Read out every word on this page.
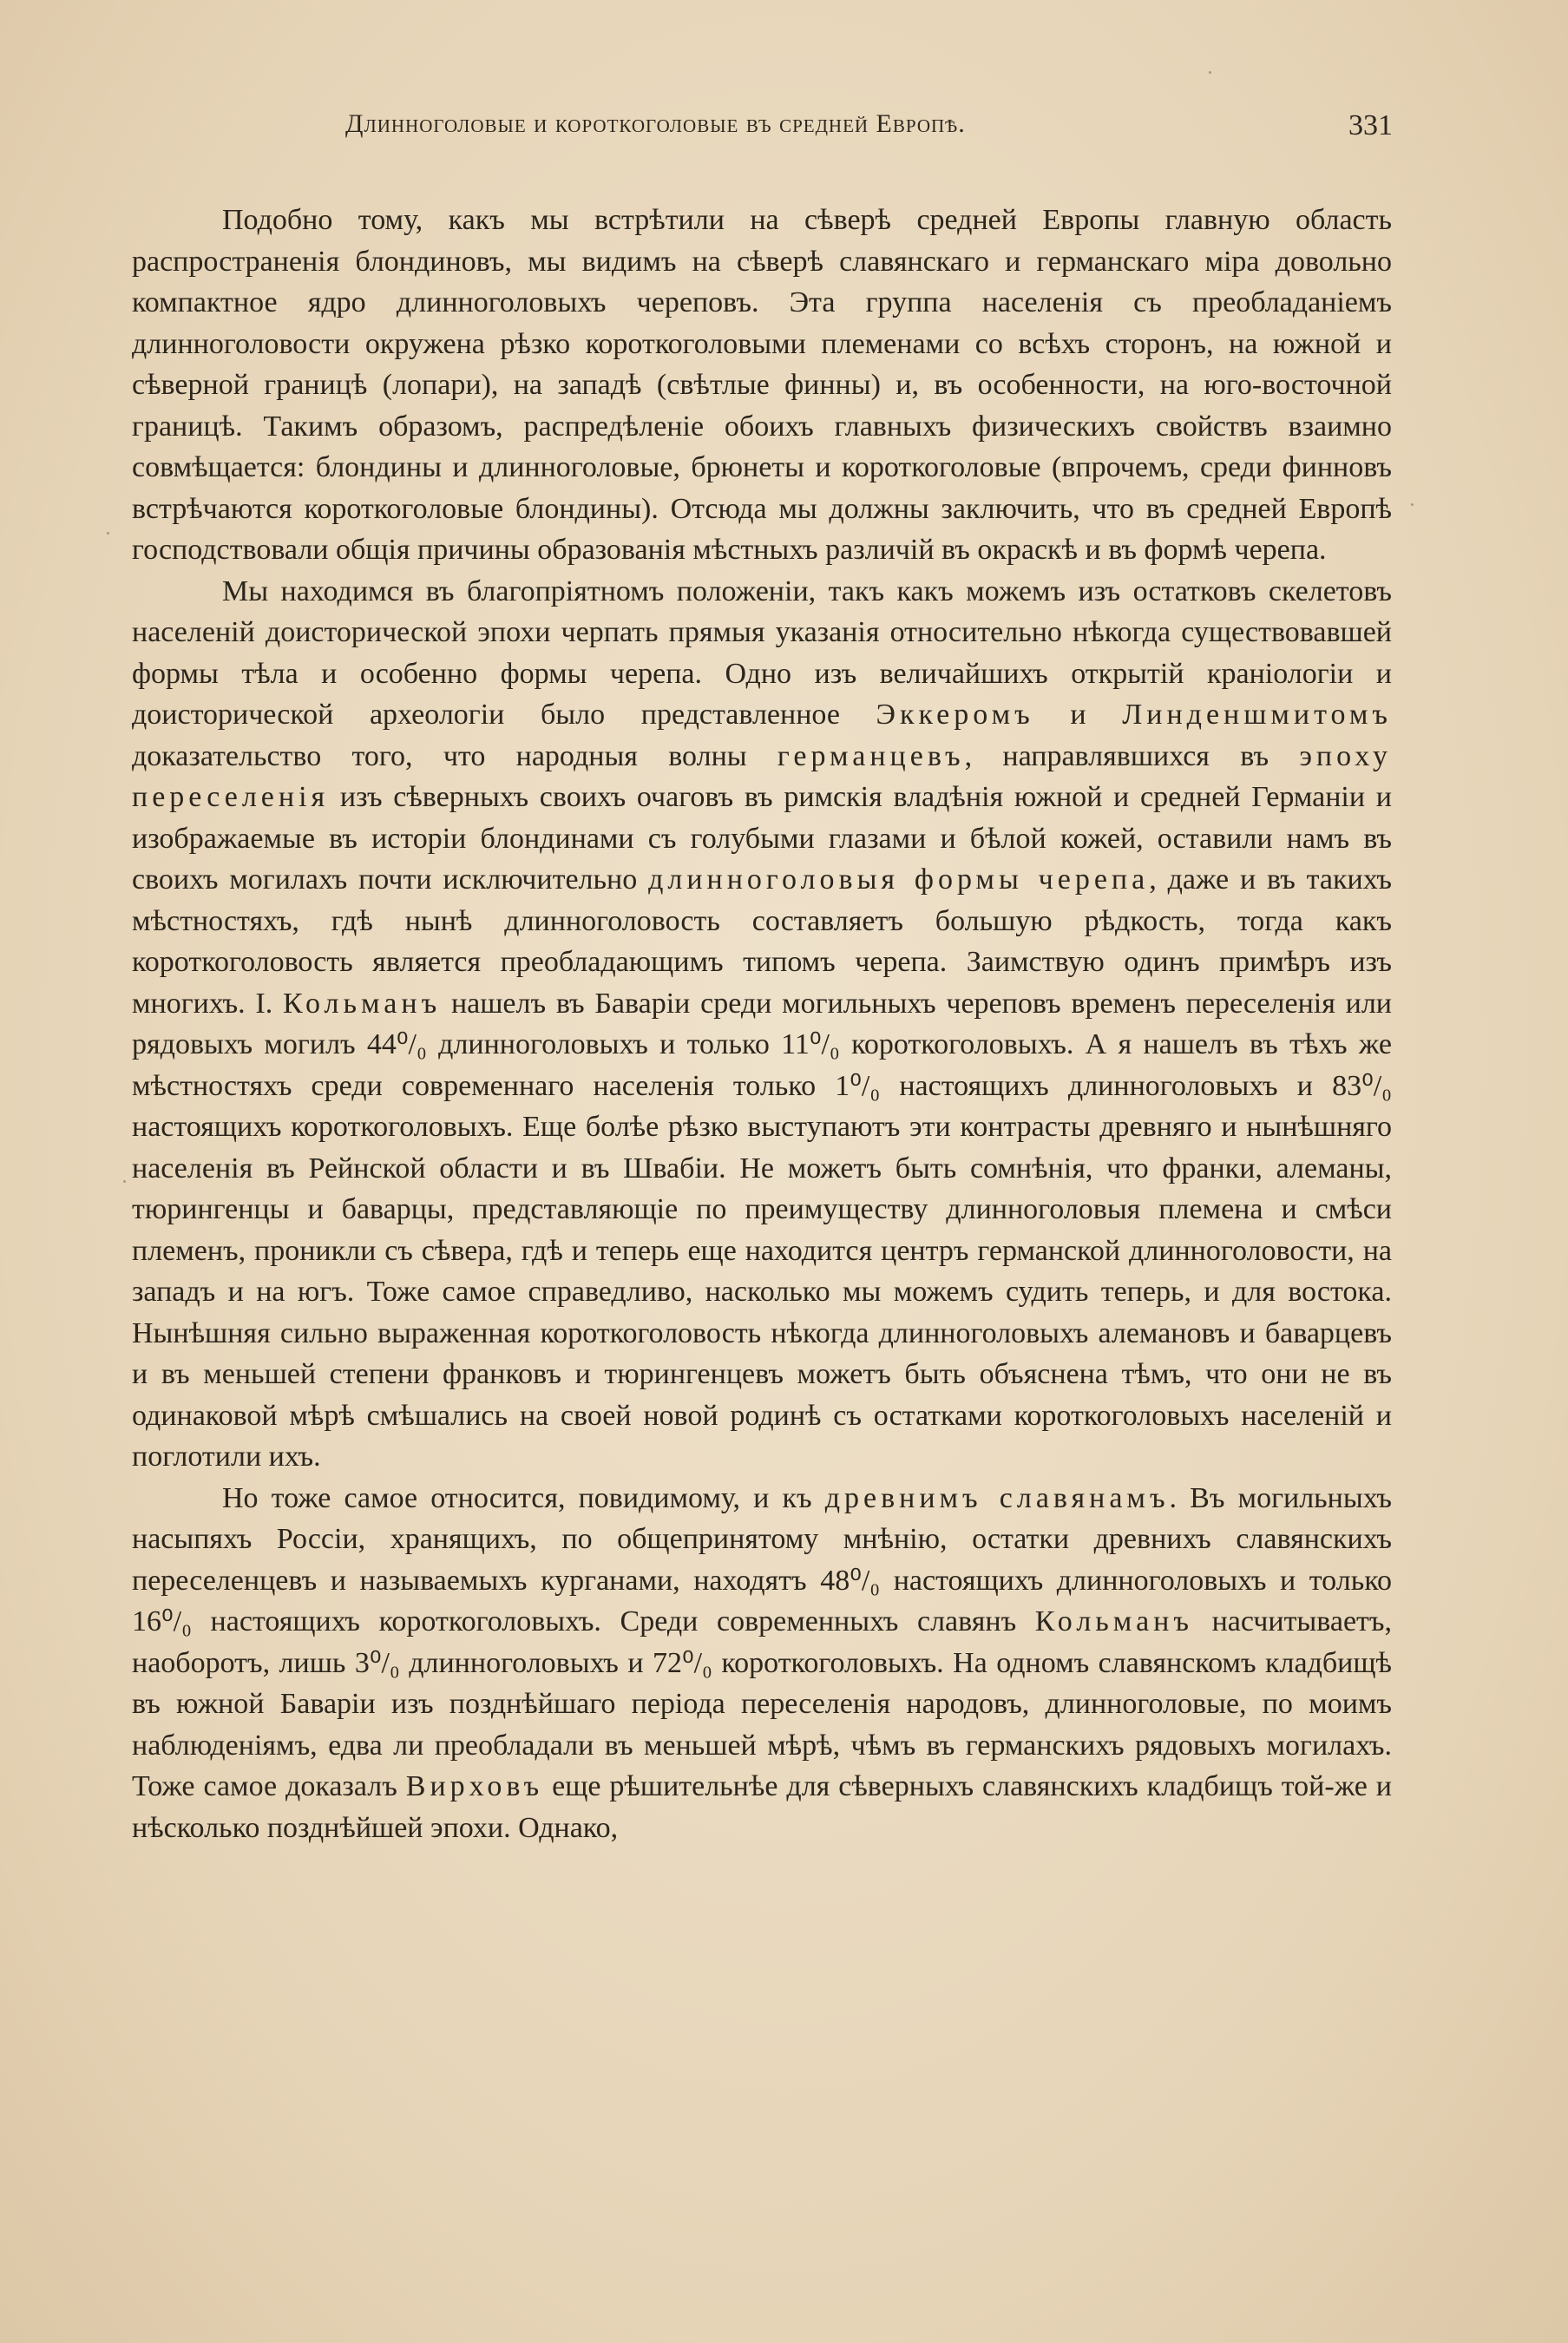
Длинноголовые и короткоголовые въ средней Европѣ.	331

Подобно тому, какъ мы встрѣтили на сѣверѣ средней Европы главную область распространенія блондиновъ, мы видимъ на сѣверѣ славянскаго и германскаго міра довольно компактное ядро длинноголовыхъ череповъ. Эта группа населенія съ преобладаніемъ длинноголовости окружена рѣзко короткоголовыми племенами со всѣхъ сторонъ, на южной и сѣверной границѣ (лопари), на западѣ (свѣтлые финны) и, въ особенности, на юго-восточной границѣ. Такимъ образомъ, распредѣленіе обоихъ главныхъ физическихъ свойствъ взаимно совмѣщается: блондины и длинноголовые, брюнеты и короткоголовые (впрочемъ, среди финновъ встрѣчаются короткоголовые блондины). Отсюда мы должны заключить, что въ средней Европѣ господствовали общія причины образованія мѣстныхъ различій въ окраскѣ и въ формѣ черепа.

Мы находимся въ благопріятномъ положеніи, такъ какъ можемъ изъ остатковъ скелетовъ населеній доисторической эпохи черпать прямыя указанія относительно нѣкогда существовавшей формы тѣла и особенно формы черепа. Одно изъ величайшихъ открытій краніологіи и доисторической археологіи было представленное Эккеромъ и Линденшмитомъ доказательство того, что народныя волны германцевъ, направлявшихся въ эпоху переселенія изъ сѣверныхъ своихъ очаговъ въ римскія владѣнія южной и средней Германіи и изображаемые въ исторіи блондинами съ голубыми глазами и бѣлой кожей, оставили намъ въ своихъ могилахъ почти исключительно длинноголовыя формы черепа, даже и въ такихъ мѣстностяхъ, гдѣ нынѣ длинноголовость составляетъ большую рѣдкость, тогда какъ короткоголовость является преобладающимъ типомъ черепа. Заимствую одинъ примѣръ изъ многихъ. I. Кольманъ нашелъ въ Баваріи среди могильныхъ череповъ временъ переселенія или рядовыхъ могилъ 44⁰/₀ длинноголовыхъ и только 11⁰/₀ короткоголовыхъ. А я нашелъ въ тѣхъ же мѣстностяхъ среди современнаго населенія только 1⁰/₀ настоящихъ длинноголовыхъ и 83⁰/₀ настоящихъ короткоголовыхъ. Еще болѣе рѣзко выступаютъ эти контрасты древняго и нынѣшняго населенія въ Рейнской области и въ Швабіи. Не можетъ быть сомнѣнія, что франки, алеманы, тюрингенцы и баварцы, представляющіе по преимуществу длинноголовыя племена и смѣси племенъ, проникли съ сѣвера, гдѣ и теперь еще находится центръ германской длинноголовости, на западъ и на югъ. Тоже самое справедливо, насколько мы можемъ судить теперь, и для востока. Нынѣшняя сильно выраженная короткоголовость нѣкогда длинноголовыхъ алемановъ и баварцевъ и въ меньшей степени франковъ и тюрингенцевъ можетъ быть объяснена тѣмъ, что они не въ одинаковой мѣрѣ смѣшались на своей новой родинѣ съ остатками короткоголовыхъ населеній и поглотили ихъ.

Но тоже самое относится, повидимому, и къ древнимъ славянамъ. Въ могильныхъ насыпяхъ Россіи, хранящихъ, по общепринятому мнѣнію, остатки древнихъ славянскихъ переселенцевъ и называемыхъ курганами, находятъ 48⁰/₀ настоящихъ длинноголовыхъ и только 16⁰/₀ настоящихъ короткоголовыхъ. Среди современныхъ славянъ Кольманъ насчитываетъ, наоборотъ, лишь 3⁰/₀ длинноголовыхъ и 72⁰/₀ короткоголовыхъ. На одномъ славянскомъ кладбищѣ въ южной Баваріи изъ позднѣйшаго періода переселенія народовъ, длинноголовые, по моимъ наблюденіямъ, едва ли преобладали въ меньшей мѣрѣ, чѣмъ въ германскихъ рядовыхъ могилахъ. Тоже самое доказалъ Вирховъ еще рѣшительнѣе для сѣверныхъ славянскихъ кладбищъ той-же и нѣсколько позднѣйшей эпохи. Однако,
